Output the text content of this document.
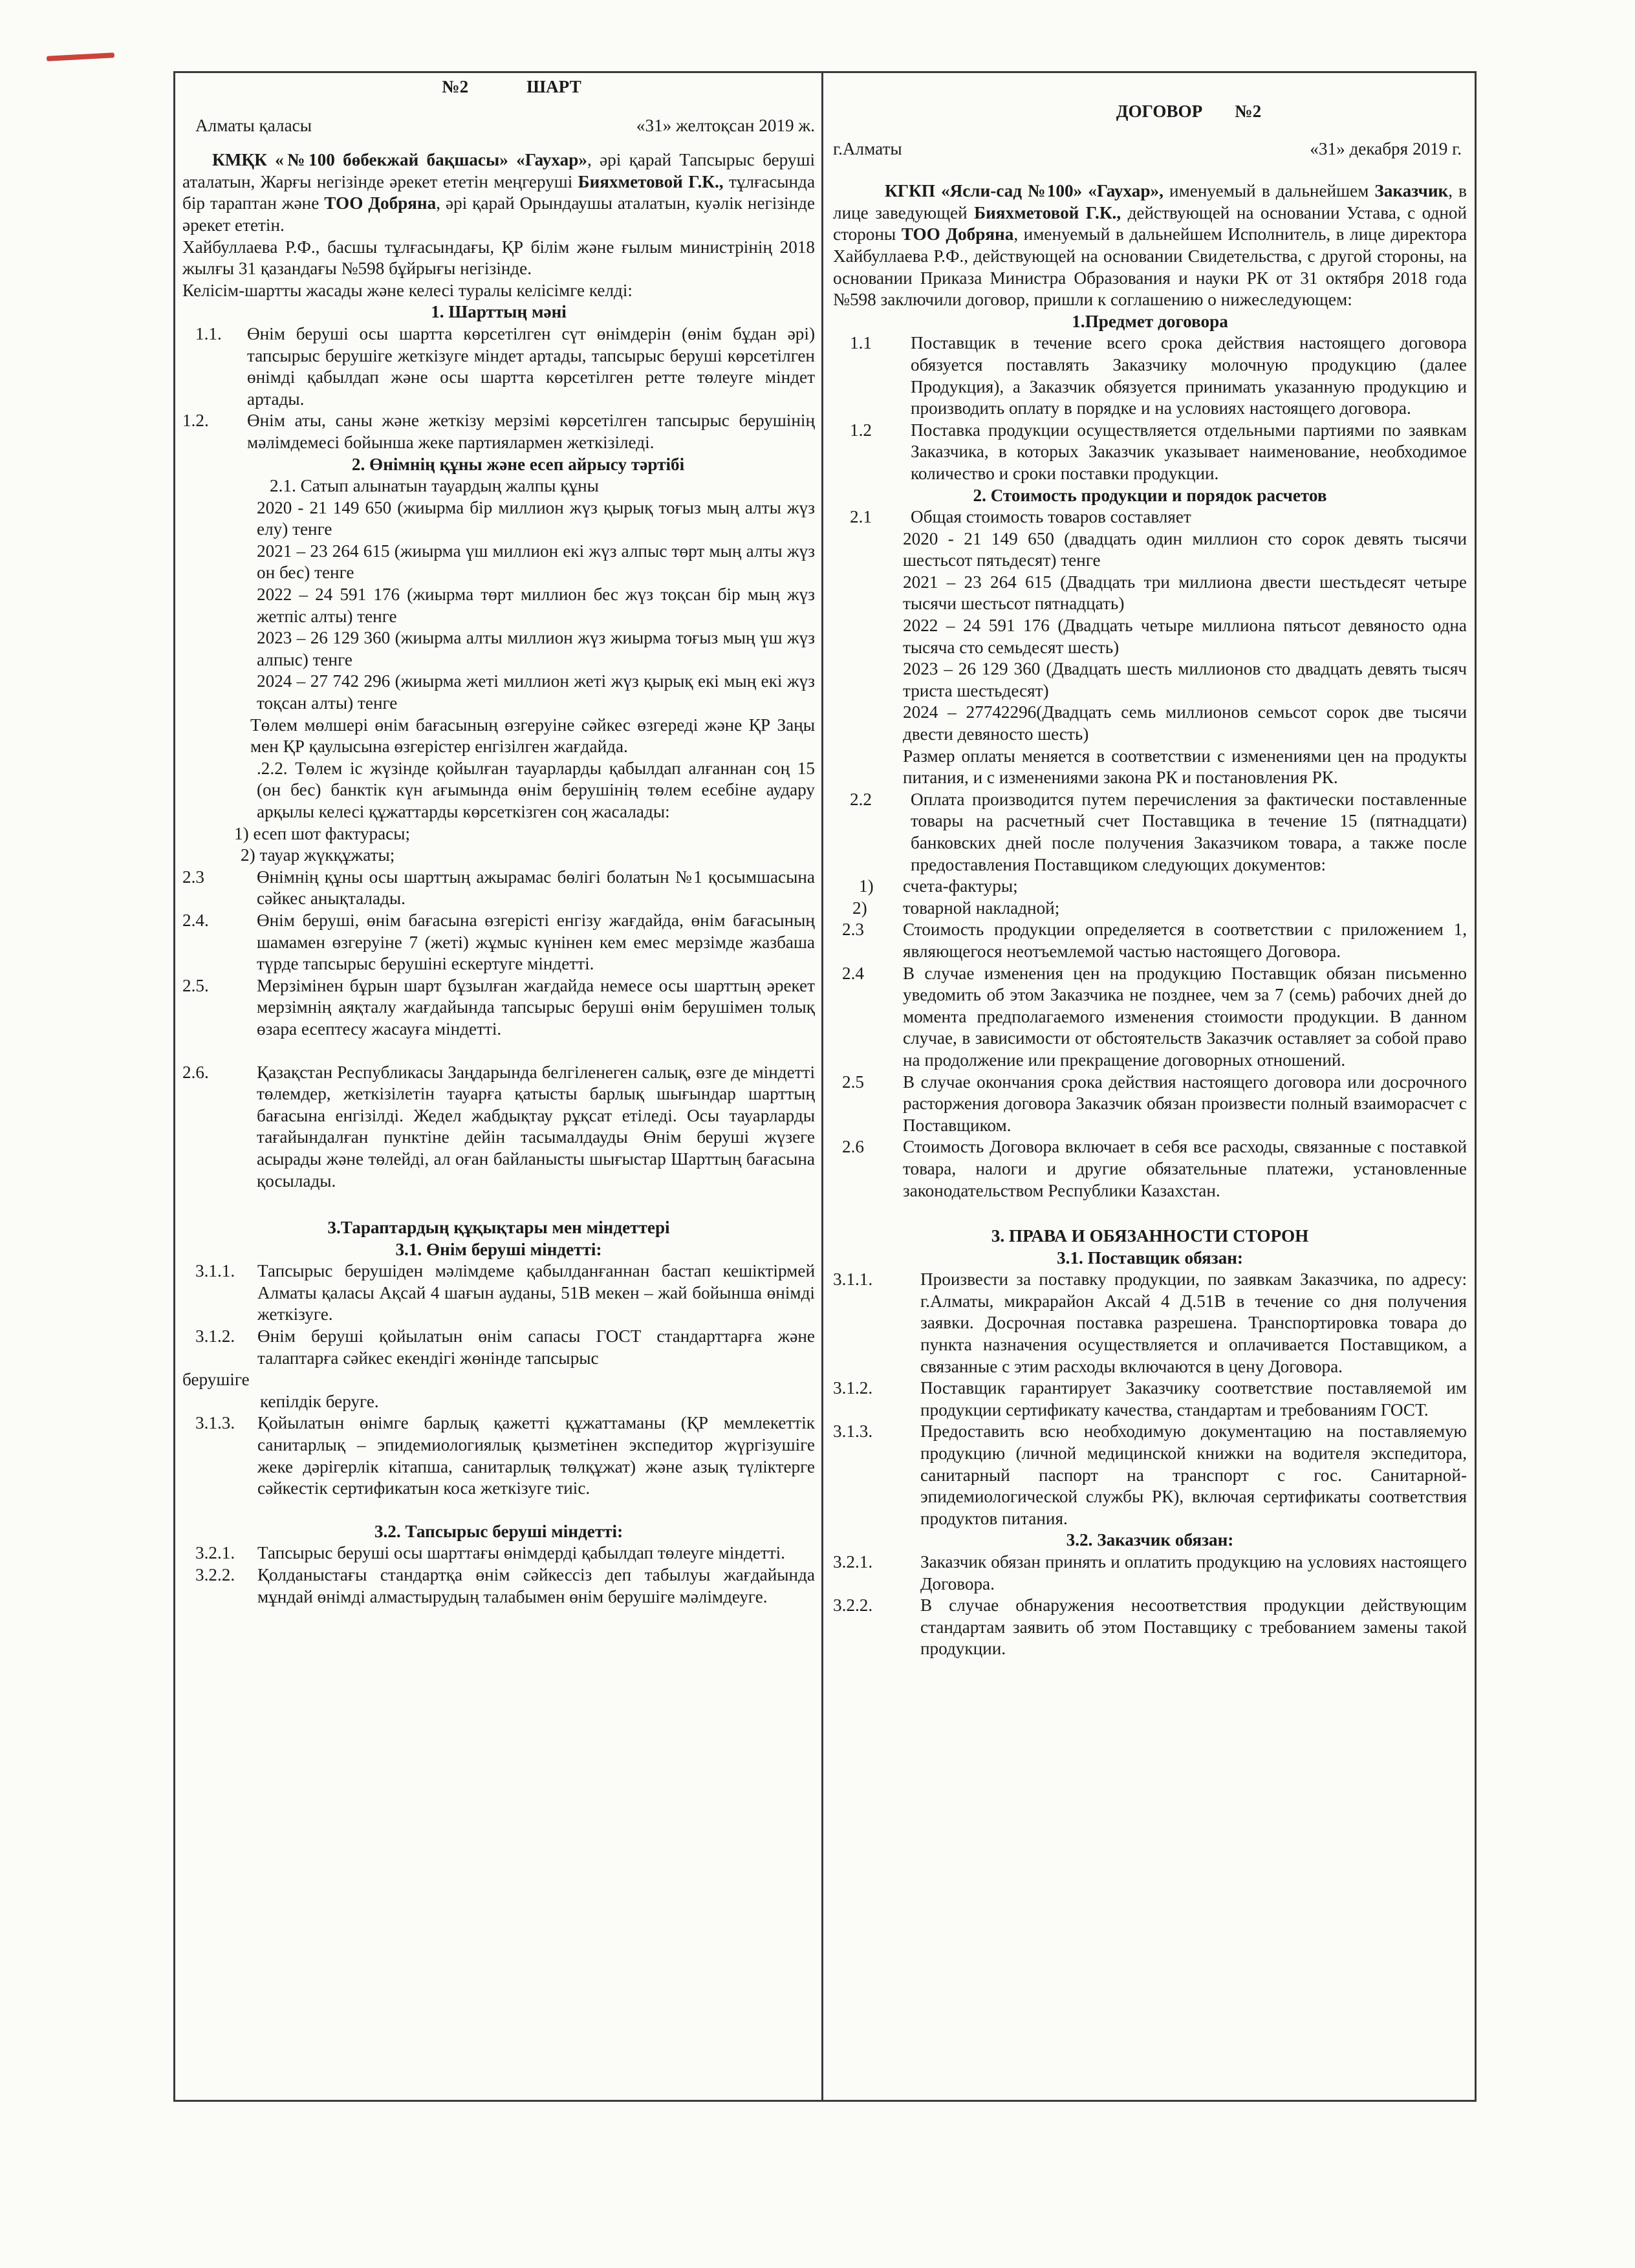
№2	ШАРТ
Алматы қаласы	«31» желтоқсан 2019 ж.

КМҚК «№100 бөбекжай бақшасы» «Гаухар», әрі қарай Тапсырыс беруші аталатын, Жарғы негізінде әрекет ететін меңгеруші Бияхметовой Г.К., тұлғасында бір тараптан және ТОО Добряна, әрі қарай Орындаушы аталатын, куәлік негізінде әрекет ететін.

Хайбуллаева Р.Ф., басшы тұлғасындағы, ҚР білім және ғылым министрінің 2018 жылғы 31 қазандағы №598 бұйрығы негізінде.

Келісім-шартты жасады және келесі туралы келісімге келді:

1. Шарттың мәні

1.1.	Өнім беруші осы шартта көрсетілген сүт өнімдерін (өнім бұдан әрі) тапсырыс берушіге жеткізуге міндет артады, тапсырыс беруші көрсетілген өнімді қабылдап және осы шартта көрсетілген ретте төлеуге міндет артады.
1.2.	Өнім аты, саны және жеткізу мерзімі көрсетілген тапсырыс берушінің мәлімдемесі бойынша жеке партиялармен жеткізіледі.

2. Өнімнің құны және есеп айрысу тәртібі

2.1. Сатып алынатын тауардың жалпы құны

2020 - 21 149 650 (жиырма бір миллион жүз қырық тоғыз мың алты жүз елу) тенге

2021 – 23 264 615 (жиырма үш миллион екі жүз алпыс төрт мың алты жүз он бес) тенге

2022 – 24 591 176 (жиырма төрт миллион бес жүз тоқсан бір мың жүз жетпіс алты) тенге

2023 – 26 129 360 (жиырма алты миллион жүз жиырма тоғыз мың үш жүз алпыс) тенге

2024 – 27 742 296 (жиырма жеті миллион жеті жүз қырық екі мың екі жүз тоқсан алты) тенге

Төлем мөлшері өнім бағасының өзгеруіне сәйкес өзгереді және ҚР Заңы мен ҚР қаулысына өзгерістер енгізілген жағдайда.

.2.2. Төлем іс жүзінде қойылған тауарларды қабылдап алғаннан соң 15 (он бес) банктік күн ағымында өнім берушінің төлем есебіне аудару арқылы келесі құжаттарды көрсеткізген соң жасалады:

1) есеп шот фактурасы;

2) тауар жүкқұжаты;

2.3	Өнімнің құны осы шарттың ажырамас бөлігі болатын №1 қосымшасына сәйкес анықталады.
2.4.	Өнім беруші, өнім бағасына өзгерісті енгізу жағдайда, өнім бағасының шамамен өзгеруіне 7 (жеті) жұмыс күнінен кем емес мерзімде жазбаша түрде тапсырыс берушіні ескертуге міндетті.
2.5.	Мерзімінен бұрын шарт бұзылған жағдайда немесе осы шарттың әрекет мерзімнің аяқталу жағдайында тапсырыс беруші өнім берушімен толық өзара есептесу жасауға міндетті.
2.6.	Қазақстан Республикасы Заңдарында белгіленеген салық, өзге де міндетті төлемдер, жеткізілетін тауарға қатысты барлық шығындар шарттың бағасына енгізілді. Жедел жабдықтау рұқсат етіледі. Осы тауарларды тағайындалған пунктіне дейін тасымалдауды Өнім беруші жүзеге асырады және төлейді, ал оған байланысты шығыстар Шарттың бағасына қосылады.

3.Тараптардың құқықтары мен міндеттері

3.1. Өнім беруші міндетті:

3.1.1.	Тапсырыс берушіден мәлімдеме қабылданғаннан бастап кешіктірмей Алматы қаласы Ақсай 4 шағын ауданы, 51В мекен – жай бойынша өнімді жеткізуге.
3.1.2.	Өнім беруші қойылатын өнім сапасы ГОСТ стандарттарға және талаптарға сәйкес екендігі жөнінде тапсырыс

берушіге

кепілдік беруге.

3.1.3.	Қойылатын өнімге барлық қажетті құжаттаманы (ҚР мемлекеттік санитарлық – эпидемиологиялық қызметінен экспедитор жүргізушіге жеке дәрігерлік кітапша, санитарлық төлқұжат) және азық түліктерге сәйкестік сертификатын коса жеткізуге тиіс.

3.2. Тапсырыс беруші міндетті:

3.2.1.	Тапсырыс беруші осы шарттағы өнімдерді қабылдап төлеуге міндетті.
3.2.2.	Қолданыстағы стандартқа өнім сәйкессіз деп табылуы жағдайында мұндай өнімді алмастырудың талабымен өнім берушіге мәлімдеуге.
ДОГОВОР №2
г.Алматы	«31» декабря 2019 г.

КГКП «Ясли-сад №100» «Гаухар», именуемый в дальнейшем Заказчик, в лице заведующей Бияхметовой Г.К., действующей на основании Устава, с одной стороны ТОО Добряна, именуемый в дальнейшем Исполнитель, в лице директора Хайбуллаева Р.Ф., действующей на основании Свидетельства, с другой стороны, на основании Приказа Министра Образования и науки РК от 31 октября 2018 года №598 заключили договор, пришли к соглашению о нижеследующем:

1.Предмет договора

1.1	Поставщик в течение всего срока действия настоящего договора обязуется поставлять Заказчику молочную продукцию (далее Продукция), а Заказчик обязуется принимать указанную продукцию и производить оплату в порядке и на условиях настоящего договора.
1.2	Поставка продукции осуществляется отдельными партиями по заявкам Заказчика, в которых Заказчик указывает наименование, необходимое количество и сроки поставки продукции.

2. Стоимость продукции и порядок расчетов

2.1	Общая стоимость товаров составляет

2020 - 21 149 650 (двадцать один миллион сто сорок девять тысячи шестьсот пятьдесят) тенге

2021 – 23 264 615 (Двадцать три миллиона двести шестьдесят четыре тысячи шестьсот пятнадцать)

2022 – 24 591 176 (Двадцать четыре миллиона пятьсот девяносто одна тысяча сто семьдесят шесть)

2023 – 26 129 360 (Двадцать шесть миллионов сто двадцать девять тысяч триста шестьдесят)

2024 – 27742296(Двадцать семь миллионов семьсот сорок две тысячи двести девяносто шесть)

Размер оплаты меняется в соответствии с изменениями цен на продукты питания, и с изменениями закона РК и постановления РК.

2.2	Оплата производится путем перечисления за фактически поставленные товары на расчетный счет Поставщика в течение 15 (пятнадцати) банковских дней после получения Заказчиком товара, а также после предоставления Поставщиком следующих документов:
1)	счета-фактуры;
2)	товарной накладной;
2.3	Стоимость продукции определяется в соответствии с приложением 1, являющегося неотъемлемой частью настоящего Договора.
2.4	В случае изменения цен на продукцию Поставщик обязан письменно уведомить об этом Заказчика не позднее, чем за 7 (семь) рабочих дней до момента предполагаемого изменения стоимости продукции. В данном случае, в зависимости от обстоятельств Заказчик оставляет за собой право на продолжение или прекращение договорных отношений.
2.5	В случае окончания срока действия настоящего договора или досрочного расторжения договора Заказчик обязан произвести полный взаиморасчет с Поставщиком.
2.6	Стоимость Договора включает в себя все расходы, связанные с поставкой товара, налоги и другие обязательные платежи, установленные законодательством Республики Казахстан.

3. ПРАВА И ОБЯЗАННОСТИ СТОРОН

3.1. Поставщик обязан:

3.1.1.	Произвести за поставку продукции, по заявкам Заказчика, по адресу: г.Алматы, микрарайон Аксай 4 Д.51В в течение со дня получения заявки. Досрочная поставка разрешена. Транспортировка товара до пункта назначения осуществляется и оплачивается Поставщиком, а связанные с этим расходы включаются в цену Договора.
3.1.2.	Поставщик гарантирует Заказчику соответствие поставляемой им продукции сертификату качества, стандартам и требованиям ГОСТ.
3.1.3.	Предоставить всю необходимую документацию на поставляемую продукцию (личной медицинской книжки на водителя экспедитора, санитарный паспорт на транспорт с гос. Санитарной-эпидемиологической службы РК), включая сертификаты соответствия продуктов питания.

3.2. Заказчик обязан:

3.2.1.	Заказчик обязан принять и оплатить продукцию на условиях настоящего Договора.
3.2.2.	В случае обнаружения несоответствия продукции действующим стандартам заявить об этом Поставщику с требованием замены такой продукции.
